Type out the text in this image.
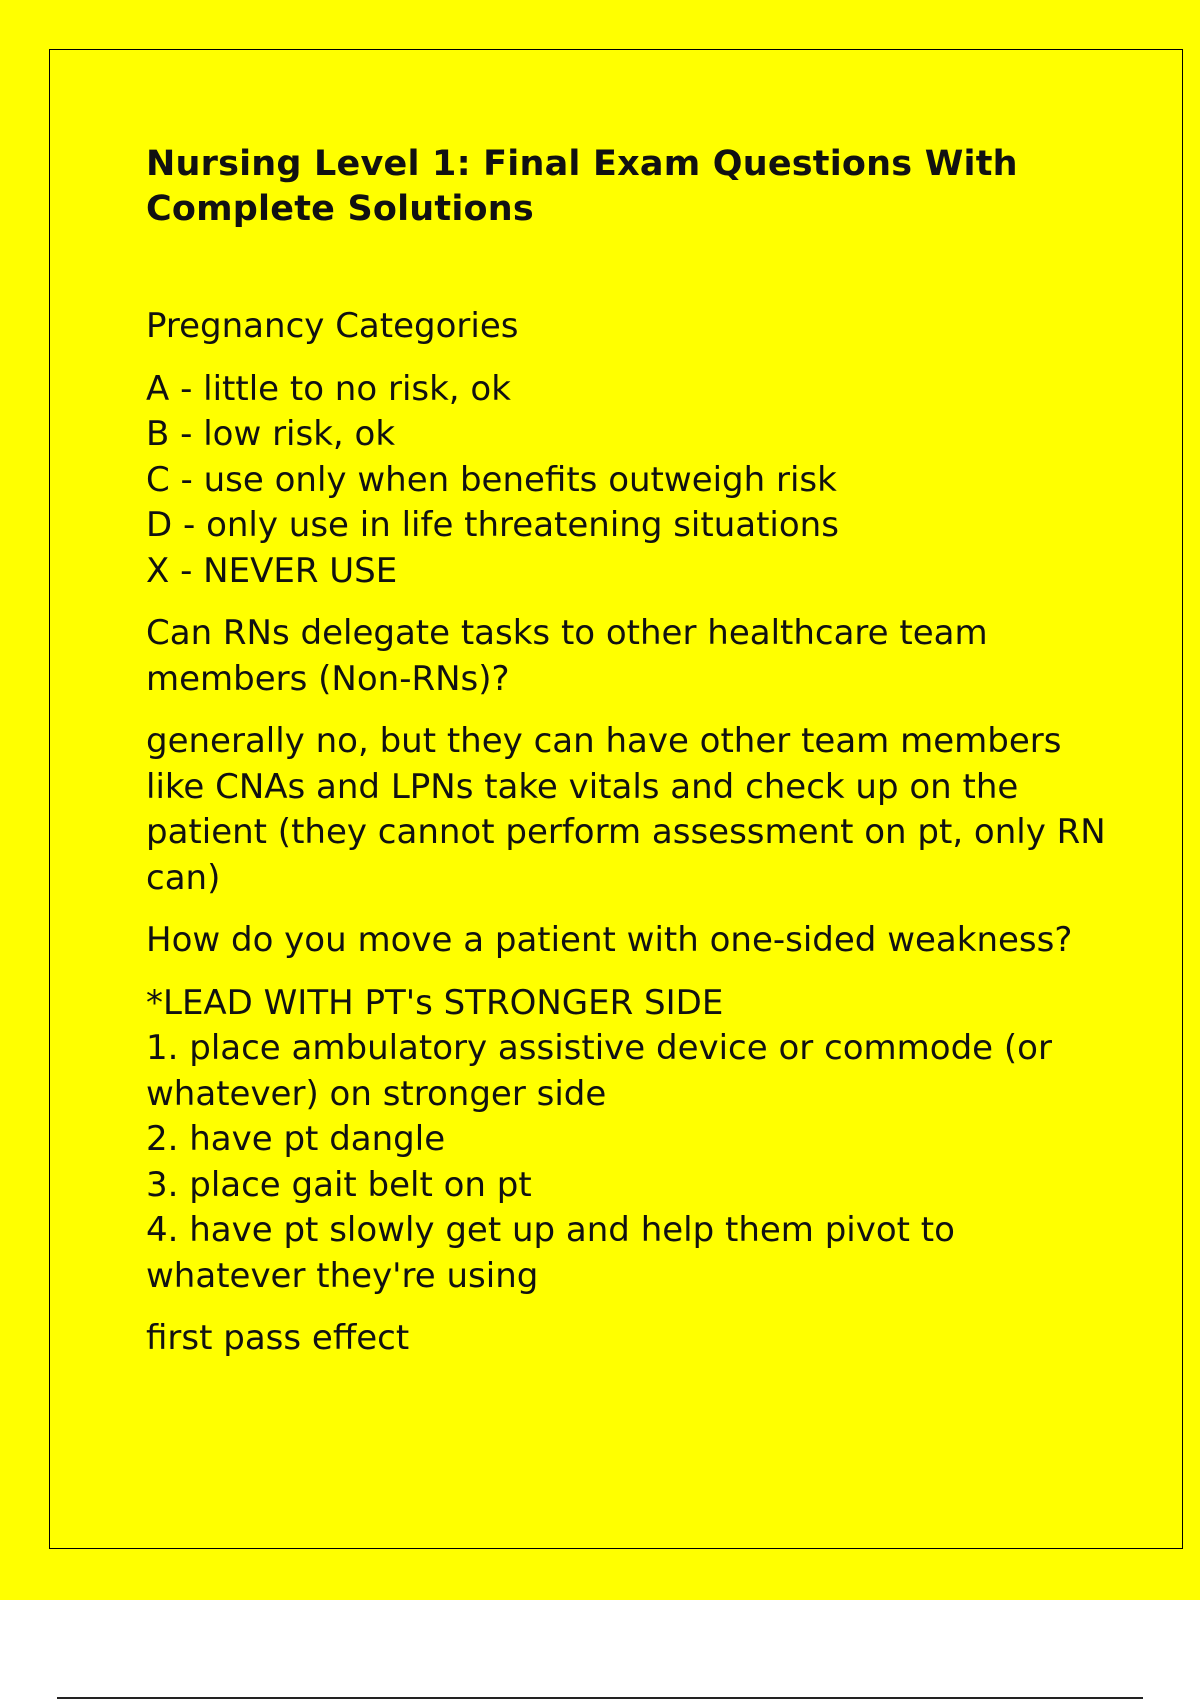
Nursing Level 1: Final Exam Questions With Complete Solutions

Pregnancy Categories

A - little to no risk, ok
B - low risk, ok
C - use only when benefits outweigh risk
D - only use in life threatening situations
X - NEVER USE

Can RNs delegate tasks to other healthcare team members (Non-RNs)?

generally no, but they can have other team members like CNAs and LPNs take vitals and check up on the patient (they cannot perform assessment on pt, only RN can)

How do you move a patient with one-sided weakness?

*LEAD WITH PT's STRONGER SIDE
1. place ambulatory assistive device or commode (or whatever) on stronger side
2. have pt dangle
3. place gait belt on pt
4. have pt slowly get up and help them pivot to whatever they're using

first pass effect
